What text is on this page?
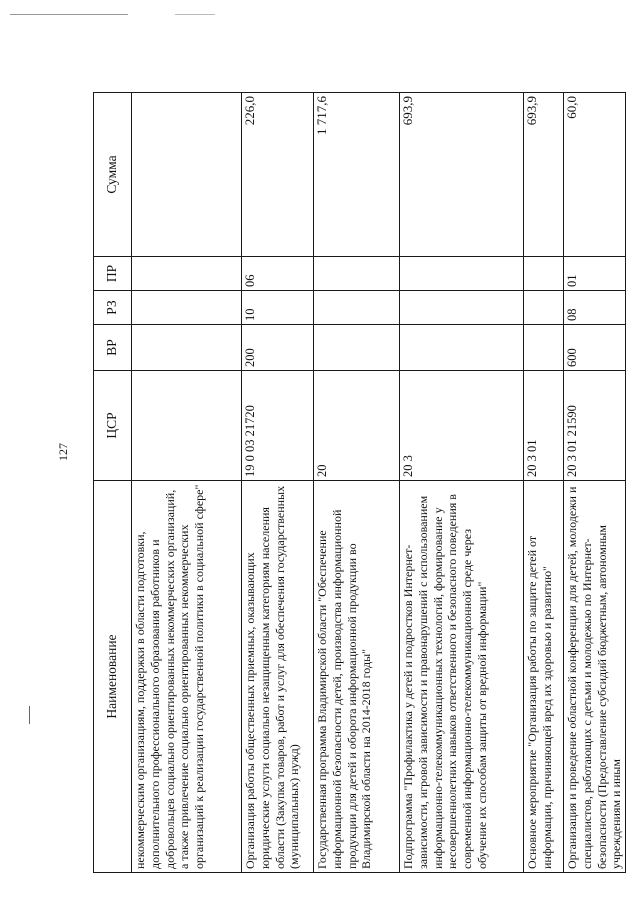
127
Наименование	ЦСР	ВР	РЗ	ПР	Сумма
некоммерческим организациям, поддержки в области подготовки, дополнительного профессионального образования работников и добровольцев социально ориентированных некоммерческих организаций, а также привлечение социально ориентированных некоммерческих организаций к реализации государственной политики в социальной сфере"					
Организация работы общественных приемных, оказывающих юридические услуги социально незащищенным категориям населения области (Закупка товаров, работ и услуг для обеспечения государственных (муниципальных) нужд)	19 0 03 21720	200	10	06	226,0
Государственная программа Владимирской области "Обеспечение информационной безопасности детей, производства информационной продукции для детей и оборота информационной продукции во Владимирской области на 2014-2018 годы"	20				1 717,6
Подпрограмма "Профилактика у детей и подростков Интернет-зависимости, игровой зависимости и правонарушений с использованием информационно-телекоммуникационных технологий, формирование у несовершеннолетних навыков ответственного и безопасного поведения в современной информационно-телекоммуникационной среде через обучение их способам защиты от вредной информации"	20 3				693,9
Основное мероприятие "Организация работы по защите детей от информации, причиняющей вред их здоровью и развитию"	20 3 01				693,9
Организация и проведение областной конференции для детей, молодежи и специалистов, работающих с детьми и молодежью по Интернет-безопасности (Предоставление субсидий бюджетным, автономным учреждениям и иным	20 3 01 21590	600	08	01	60,0
